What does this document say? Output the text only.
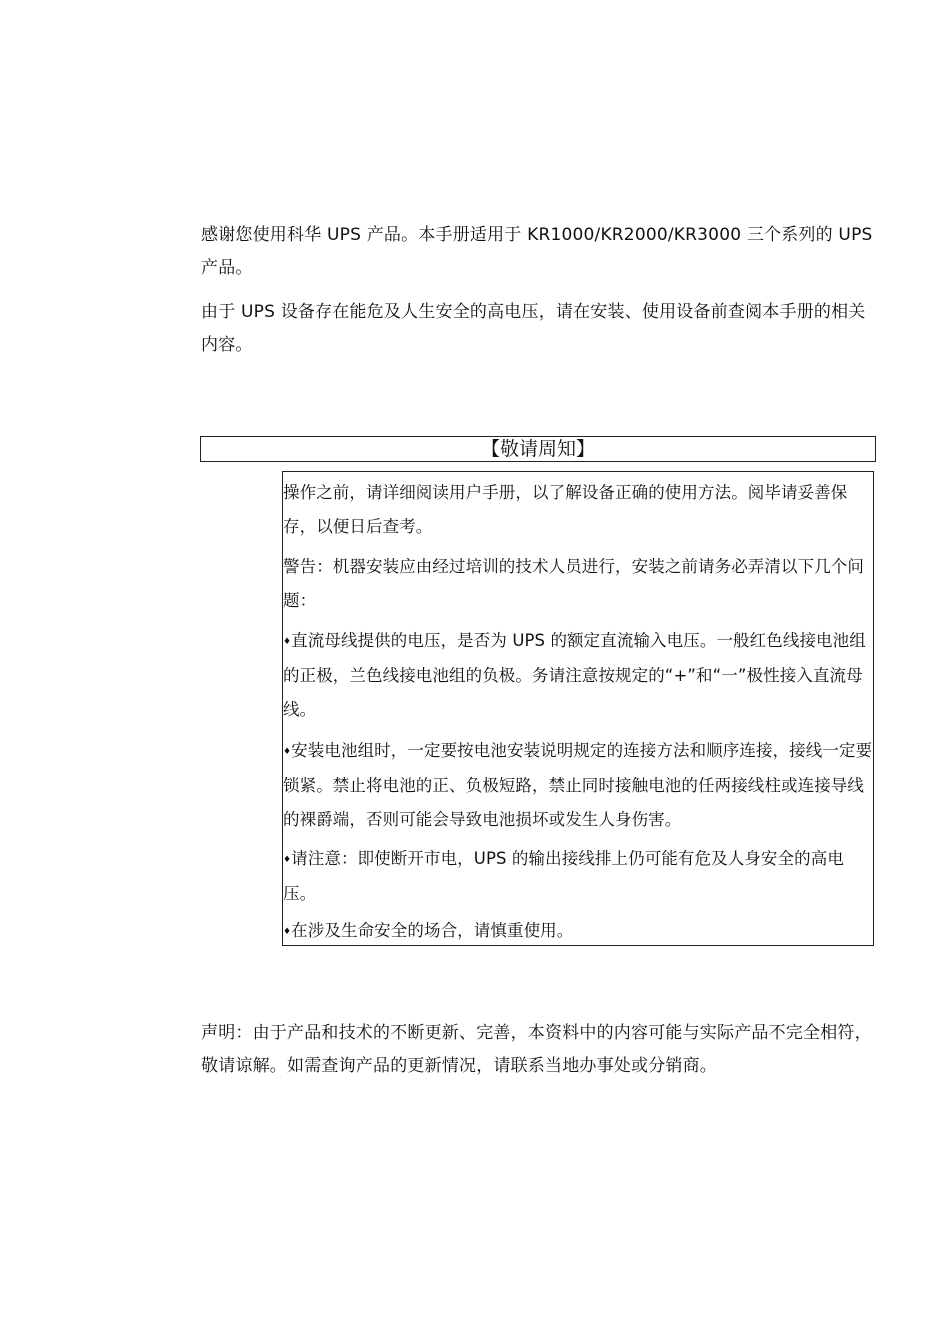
感谢您使用科华 UPS 产品。本手册适用于 KR1000/KR2000/KR3000 三个系列的 UPS 产品。

由于 UPS 设备存在能危及人生安全的高电压，请在安装、使用设备前查阅本手册的相关内容。

【敬请周知】

操作之前，请详细阅读用户手册，以了解设备正确的使用方法。阅毕请妥善保存，以便日后查考。

警告：机器安装应由经过培训的技术人员进行，安装之前请务必弄清以下几个问题：

♦直流母线提供的电压，是否为 UPS 的额定直流输入电压。一般红色线接电池组的正极，兰色线接电池组的负极。务请注意按规定的“+”和“一”极性接入直流母线。

♦安装电池组时，一定要按电池安装说明规定的连接方法和顺序连接，接线一定要锁紧。禁止将电池的正、负极短路，禁止同时接触电池的任两接线柱或连接导线的裸爵端，否则可能会导致电池损坏或发生人身伤害。

♦请注意：即使断开市电，UPS 的输出接线排上仍可能有危及人身安全的高电压。

♦在涉及生命安全的场合，请慎重使用。

声明：由于产品和技术的不断更新、完善，本资料中的内容可能与实际产品不完全相符，敬请谅解。如需查询产品的更新情况，请联系当地办事处或分销商。
